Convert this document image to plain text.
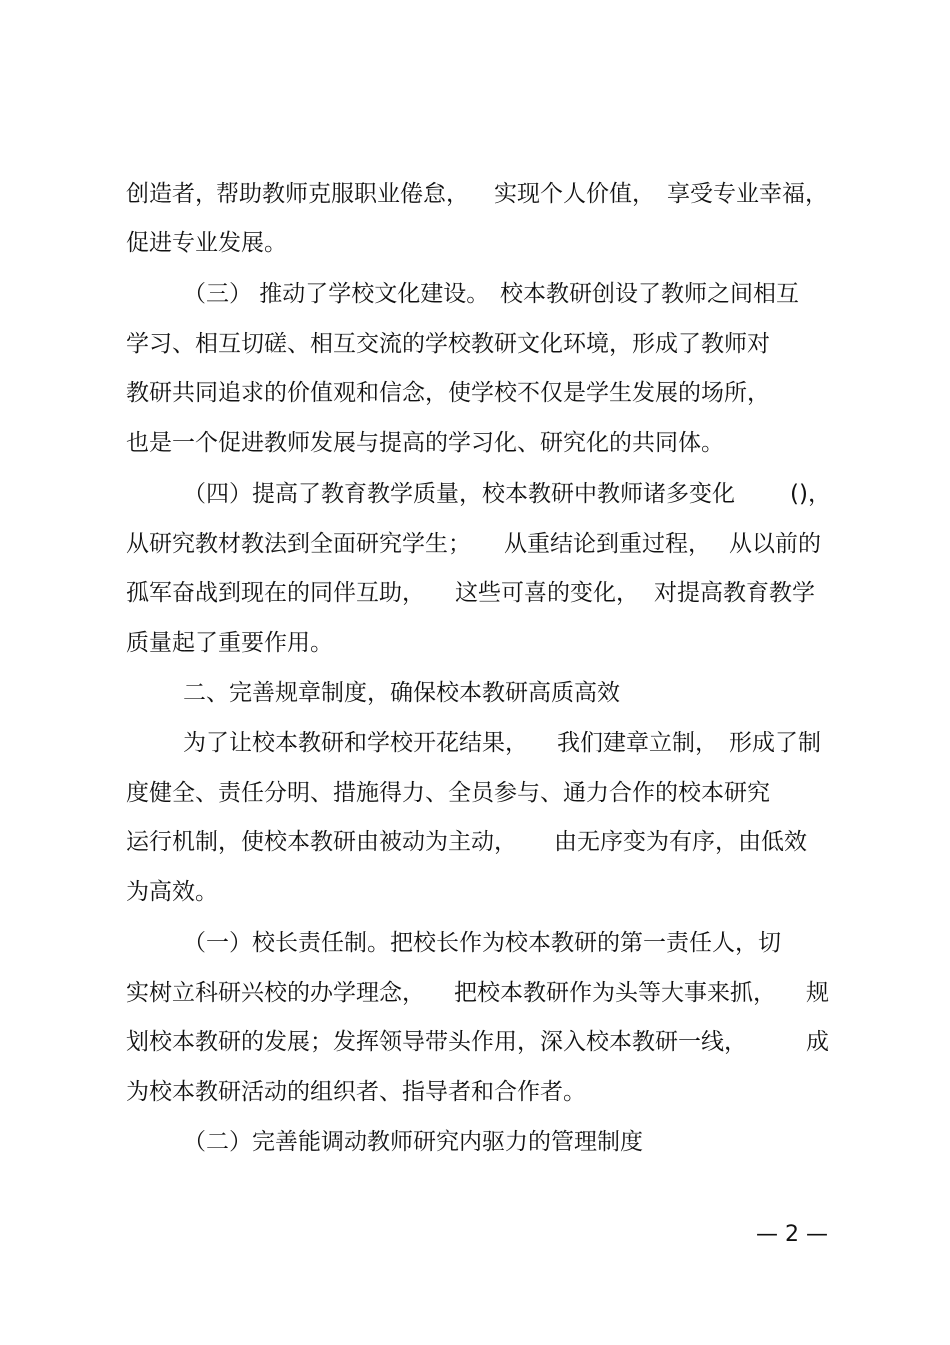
创造者，
帮助教师克服职业倦怠， 实现个人价值， 享受专业幸福，
促进专业发展。
（三） 推动了学校文化建设。 校本教研创设了教师之间相互
学习、相互切磋、相互交流的学校教研文化环境，形成了教师对
教研共同追求的价值观和信念，使学校不仅是学生发展的场所，
也是一个促进教师发展与提高的学习化、研究化的共同体。
（四）提高了教育教学质量，校本教研中教师诸多变化 ()，
从研究教材教法到全面研究学生； 从重结论到重过程， 从以前的
孤军奋战到现在的同伴互助， 这些可喜的变化， 对提高教育教学
质量起了重要作用。
二、完善规章制度，确保校本教研高质高效
为了让校本教研和学校开花结果， 我们建章立制， 形成了制
度健全、责任分明、措施得力、全员参与、通力合作的校本研究
运行机制，使校本教研由被动为主动， 由无序变为有序，由低效
为高效。
（一）校长责任制。把校长作为校本教研的第一责任人，切
实树立科研兴校的办学理念， 把校本教研作为头等大事来抓， 规
划校本教研的发展；发挥领导带头作用，深入校本教研一线，	成
为校本教研活动的组织者、指导者和合作者。
（二）完善能调动教师研究内驱力的管理制度
— 2 —
